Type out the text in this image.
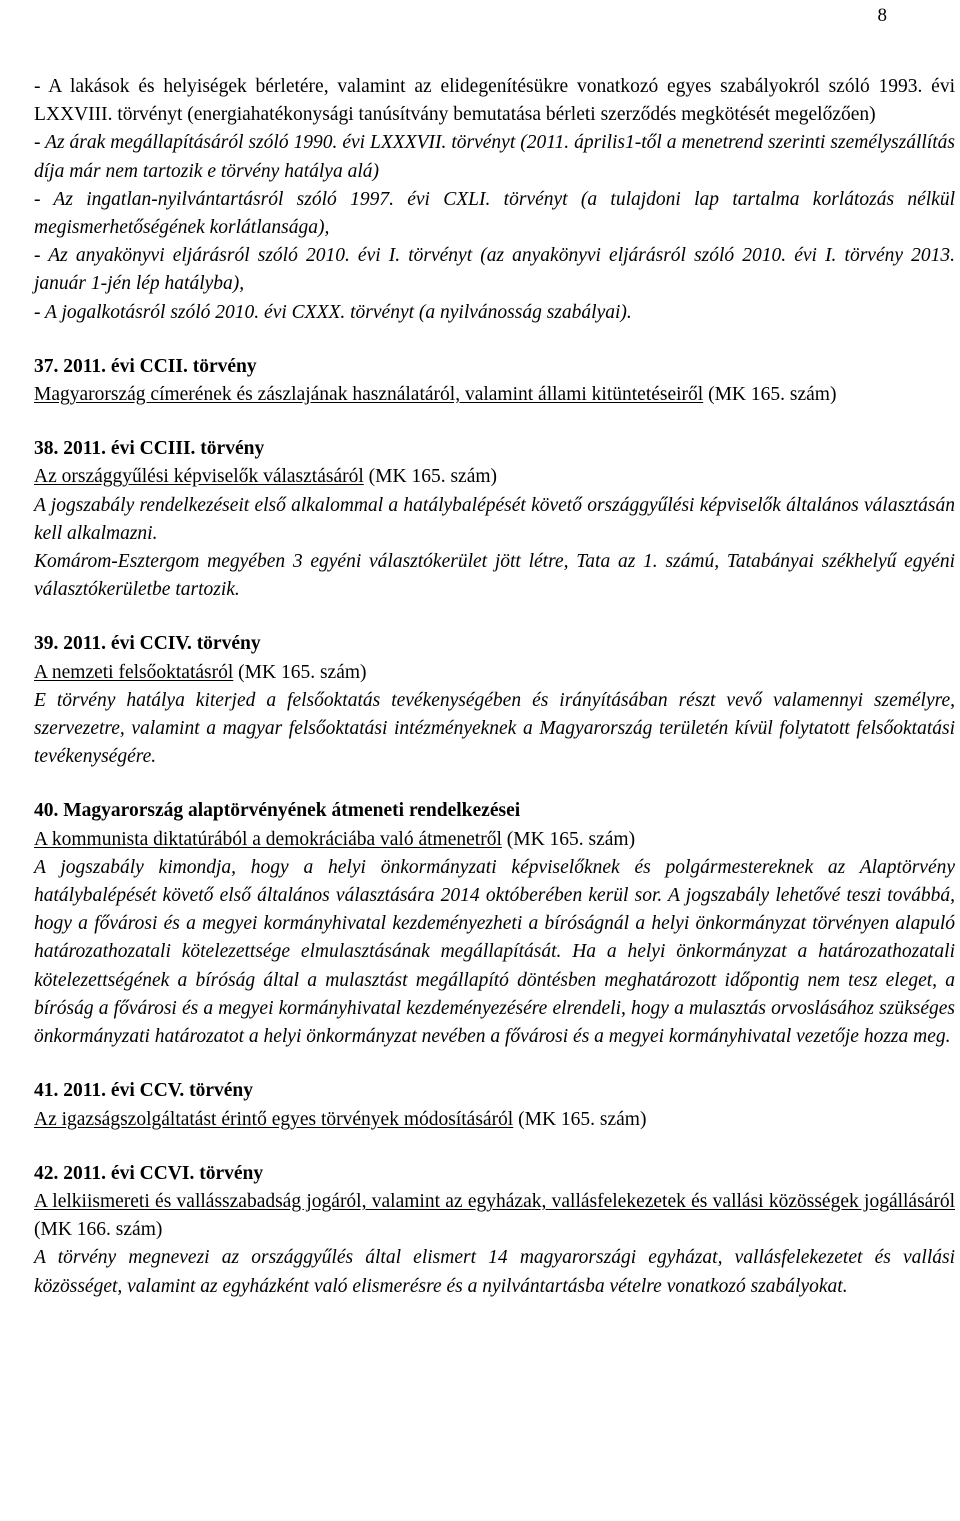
8

- A lakások és helyiségek bérletére, valamint az elidegenítésükre vonatkozó egyes szabályokról szóló 1993. évi LXXVIII. törvényt (energiahatékonysági tanúsítvány bemutatása bérleti szerződés megkötését megelőzően)

- Az árak megállapításáról szóló 1990. évi LXXXVII. törvényt (2011. április1-től a menetrend szerinti személyszállítás díja már nem tartozik e törvény hatálya alá)

- Az ingatlan-nyilvántartásról szóló 1997. évi CXLI. törvényt (a tulajdoni lap tartalma korlátozás nélkül megismerhetőségének korlátlansága),

- Az anyakönyvi eljárásról szóló 2010. évi I. törvényt (az anyakönyvi eljárásról szóló 2010. évi I. törvény 2013. január 1-jén lép hatályba),

- A jogalkotásról szóló 2010. évi CXXX. törvényt (a nyilvánosság szabályai).

37. 2011. évi CCII. törvény

Magyarország címerének és zászlajának használatáról, valamint állami kitüntetéseiről (MK 165. szám)

38. 2011. évi CCIII. törvény

Az országgyűlési képviselők választásáról (MK 165. szám)

A jogszabály rendelkezéseit első alkalommal a hatálybalépését követő országgyűlési képviselők általános választásán kell alkalmazni.

Komárom-Esztergom megyében 3 egyéni választókerület jött létre, Tata az 1. számú, Tatabányai székhelyű egyéni választókerületbe tartozik.

39. 2011. évi CCIV. törvény

A nemzeti felsőoktatásról (MK 165. szám)

E törvény hatálya kiterjed a felsőoktatás tevékenységében és irányításában részt vevő valamennyi személyre, szervezetre, valamint a magyar felsőoktatási intézményeknek a Magyarország területén kívül folytatott felsőoktatási tevékenységére.

40. Magyarország alaptörvényének átmeneti rendelkezései

A kommunista diktatúrából a demokráciába való átmenetről (MK 165. szám)

A jogszabály kimondja, hogy a helyi önkormányzati képviselőknek és polgármestereknek az Alaptörvény hatálybalépését követő első általános választására 2014 októberében kerül sor. A jogszabály lehetővé teszi továbbá, hogy a fővárosi és a megyei kormányhivatal kezdeményezheti a bíróságnál a helyi önkormányzat törvényen alapuló határozathozatali kötelezettsége elmulasztásának megállapítását. Ha a helyi önkormányzat a határozathozatali kötelezettségének a bíróság által a mulasztást megállapító döntésben meghatározott időpontig nem tesz eleget, a bíróság a fővárosi és a megyei kormányhivatal kezdeményezésére elrendeli, hogy a mulasztás orvoslásához szükséges önkormányzati határozatot a helyi önkormányzat nevében a fővárosi és a megyei kormányhivatal vezetője hozza meg.

41. 2011. évi CCV. törvény

Az igazságszolgáltatást érintő egyes törvények módosításáról (MK 165. szám)

42. 2011. évi CCVI. törvény

A lelkiismereti és vallásszabadság jogáról, valamint az egyházak, vallásfelekezetek és vallási közösségek jogállásáról (MK 166. szám)

A törvény megnevezi az országgyűlés által elismert 14 magyarországi egyházat, vallásfelekezetet és vallási közösséget, valamint az egyházként való elismerésre és a nyilvántartásba vételre vonatkozó szabályokat.
